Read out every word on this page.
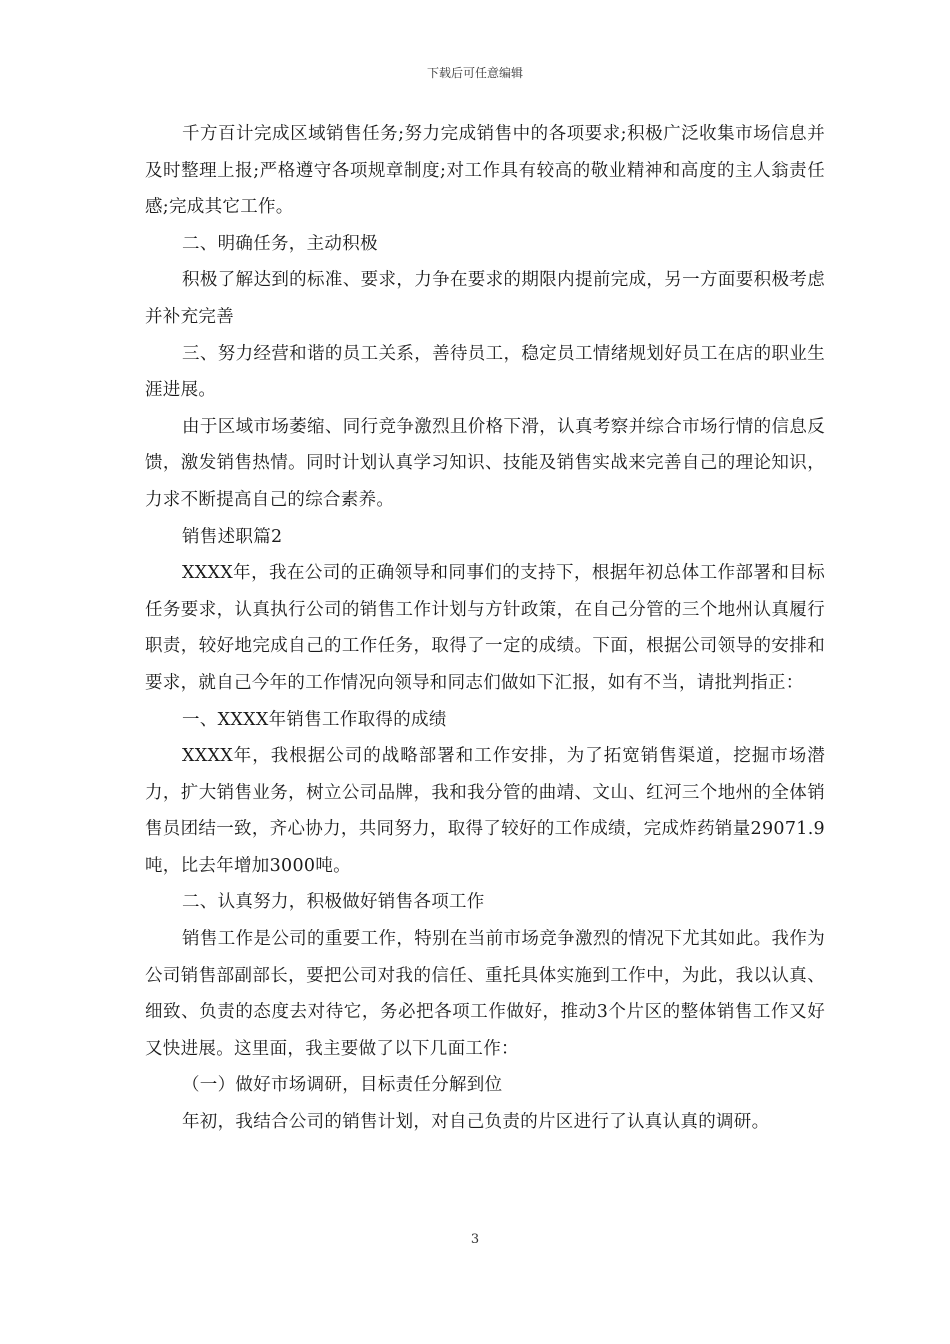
下载后可任意编辑

千方百计完成区域销售任务;努力完成销售中的各项要求;积极广泛收集市场信息并及时整理上报;严格遵守各项规章制度;对工作具有较高的敬业精神和高度的主人翁责任感;完成其它工作。

二、明确任务，主动积极

积极了解达到的标准、要求，力争在要求的期限内提前完成，另一方面要积极考虑并补充完善

三、努力经营和谐的员工关系，善待员工，稳定员工情绪规划好员工在店的职业生涯进展。

由于区域市场萎缩、同行竞争激烈且价格下滑，认真考察并综合市场行情的信息反馈，激发销售热情。同时计划认真学习知识、技能及销售实战来完善自己的理论知识，力求不断提高自己的综合素养。

销售述职篇2

XXXX年，我在公司的正确领导和同事们的支持下，根据年初总体工作部署和目标任务要求，认真执行公司的销售工作计划与方针政策，在自己分管的三个地州认真履行职责，较好地完成自己的工作任务，取得了一定的成绩。下面，根据公司领导的安排和要求，就自己今年的工作情况向领导和同志们做如下汇报，如有不当，请批判指正：

一、XXXX年销售工作取得的成绩

XXXX年，我根据公司的战略部署和工作安排，为了拓宽销售渠道，挖掘市场潜力，扩大销售业务，树立公司品牌，我和我分管的曲靖、文山、红河三个地州的全体销售员团结一致，齐心协力，共同努力，取得了较好的工作成绩，完成炸药销量29071.9吨，比去年增加3000吨。

二、认真努力，积极做好销售各项工作

销售工作是公司的重要工作，特别在当前市场竞争激烈的情况下尤其如此。我作为公司销售部副部长，要把公司对我的信任、重托具体实施到工作中，为此，我以认真、细致、负责的态度去对待它，务必把各项工作做好，推动3个片区的整体销售工作又好又快进展。这里面，我主要做了以下几面工作：

（一）做好市场调研，目标责任分解到位

年初，我结合公司的销售计划，对自己负责的片区进行了认真认真的调研。

3
